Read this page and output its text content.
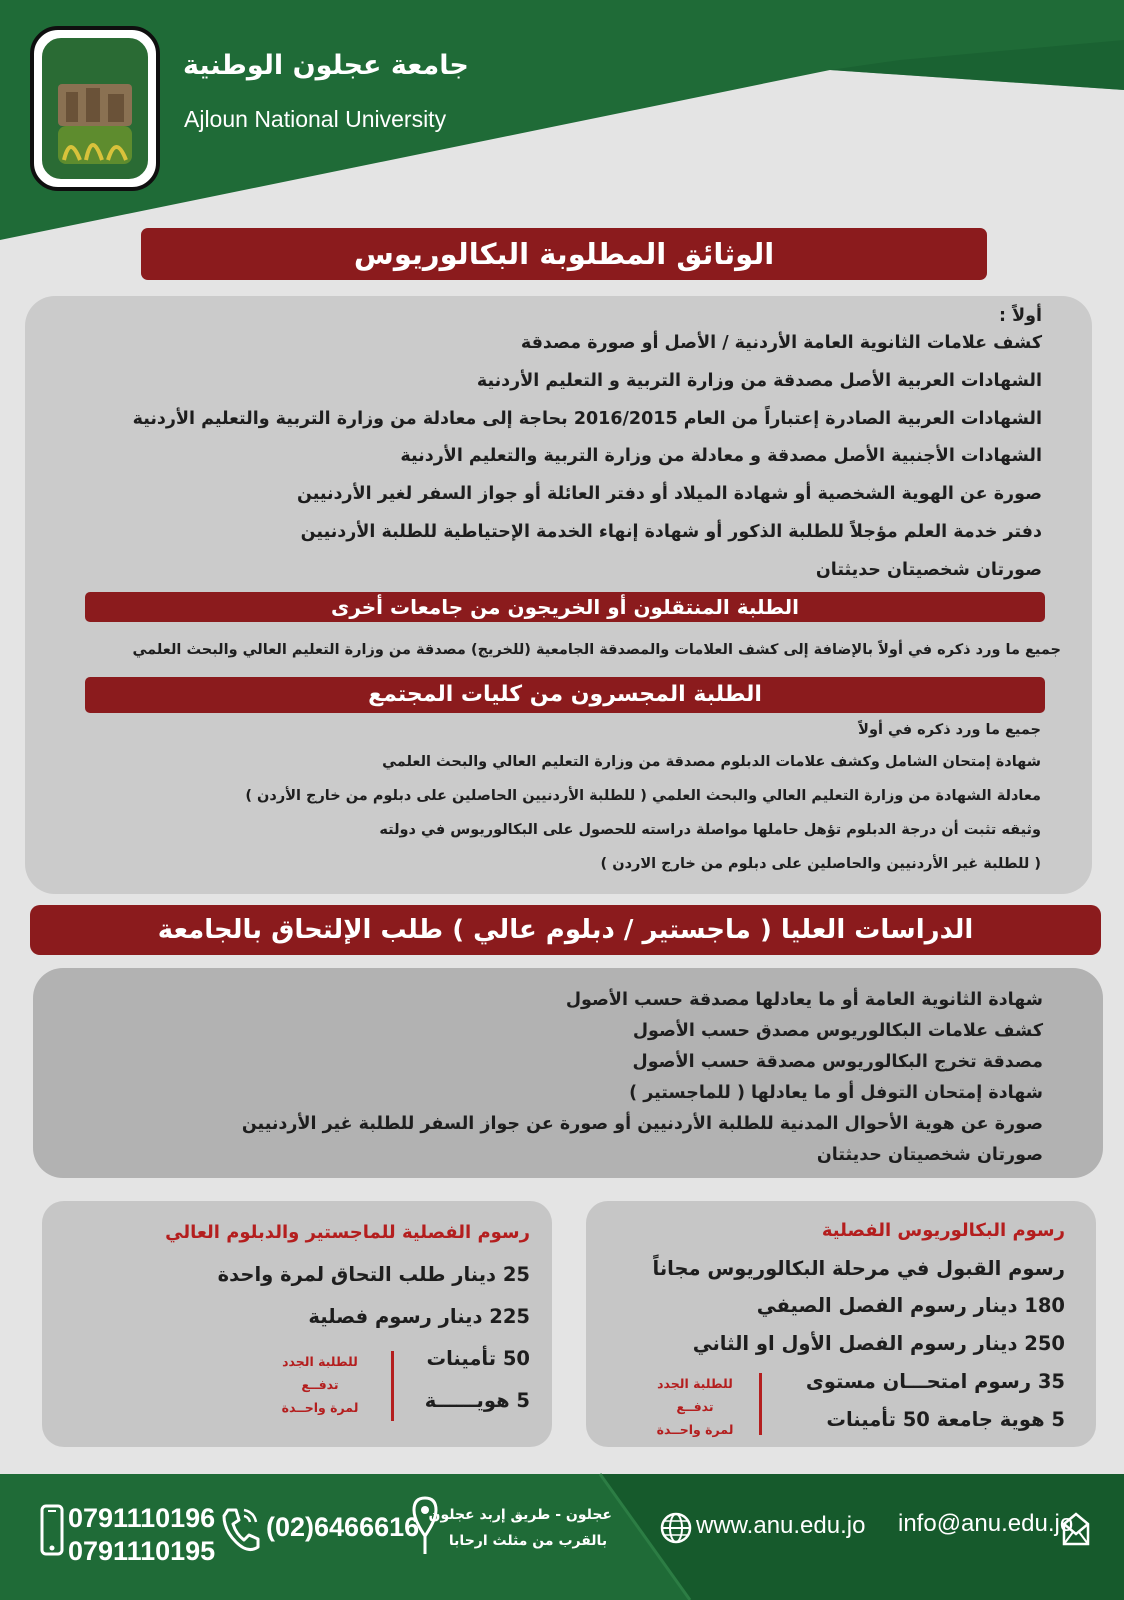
جامعة عجلون الوطنية
Ajloun National University
الوثائق المطلوبة البكالوريوس
أولاً :
كشف علامات الثانوية العامة الأردنية / الأصل أو صورة مصدقة
الشهادات العربية الأصل مصدقة من وزارة التربية و التعليم الأردنية
الشهادات العربية الصادرة إعتباراً من العام 2016/2015 بحاجة إلى معادلة من وزارة التربية والتعليم الأردنية
الشهادات الأجنبية الأصل مصدقة و معادلة من وزارة التربية والتعليم الأردنية
صورة عن الهوية الشخصية أو شهادة الميلاد أو دفتر العائلة أو جواز السفر لغير الأردنيين
دفتر خدمة العلم مؤجلاً للطلبة الذكور أو شهادة إنهاء الخدمة الإحتياطية للطلبة الأردنيين
صورتان شخصيتان حديثتان
الطلبة المنتقلون أو الخريجون من جامعات أخرى
جميع ما ورد ذكره في أولاً بالإضافة إلى كشف العلامات والمصدقة الجامعية (للخريج) مصدقة من وزارة التعليم العالي والبحث العلمي
الطلبة المجسرون من كليات المجتمع
جميع ما ورد ذكره في أولاً
شهادة إمتحان الشامل وكشف علامات الدبلوم مصدقة من وزارة التعليم العالي والبحث العلمي
معادلة الشهادة من وزارة التعليم العالي والبحث العلمي ( للطلبة الأردنيين الحاصلين على دبلوم من خارج الأردن )
وثيقه تثبت أن درجة الدبلوم تؤهل حاملها مواصلة دراسته للحصول على البكالوريوس في دولته
( للطلبة غير الأردنيين والحاصلين على دبلوم من خارج الاردن )
الدراسات العليا ( ماجستير / دبلوم عالي ) طلب الإلتحاق بالجامعة
شهادة الثانوية العامة أو ما يعادلها مصدقة حسب الأصول
كشف علامات البكالوريوس مصدق حسب الأصول
مصدقة تخرج البكالوريوس مصدقة حسب الأصول
شهادة إمتحان التوفل أو ما يعادلها ( للماجستير )
صورة عن هوية الأحوال المدنية للطلبة الأردنيين أو صورة عن جواز السفر للطلبة غير الأردنيين
صورتان شخصيتان حديثتان
رسوم الفصلية للماجستير والدبلوم العالي
25 دينار طلب التحاق لمرة واحدة
225 دينار رسوم فصلية
50 تأمينات
5 هويــــــة
للطلبة الجدد
تدفــع
لمرة واحــدة
رسوم البكالوريوس الفصلية
رسوم القبول في مرحلة البكالوريوس مجاناً
180 دينار رسوم الفصل الصيفي
250 دينار رسوم الفصل الأول او الثاني
35 رسوم امتحـــان مستوى
5 هوية جامعة 50 تأمينات
للطلبة الجدد
تدفــع
لمرة واحــدة
0791110196
0791110195
(02)6466616 عجلون - طريق إربد عجلون
بالقرب من مثلث ارحابا
www.anu.edu.jo info@anu.edu.jo
